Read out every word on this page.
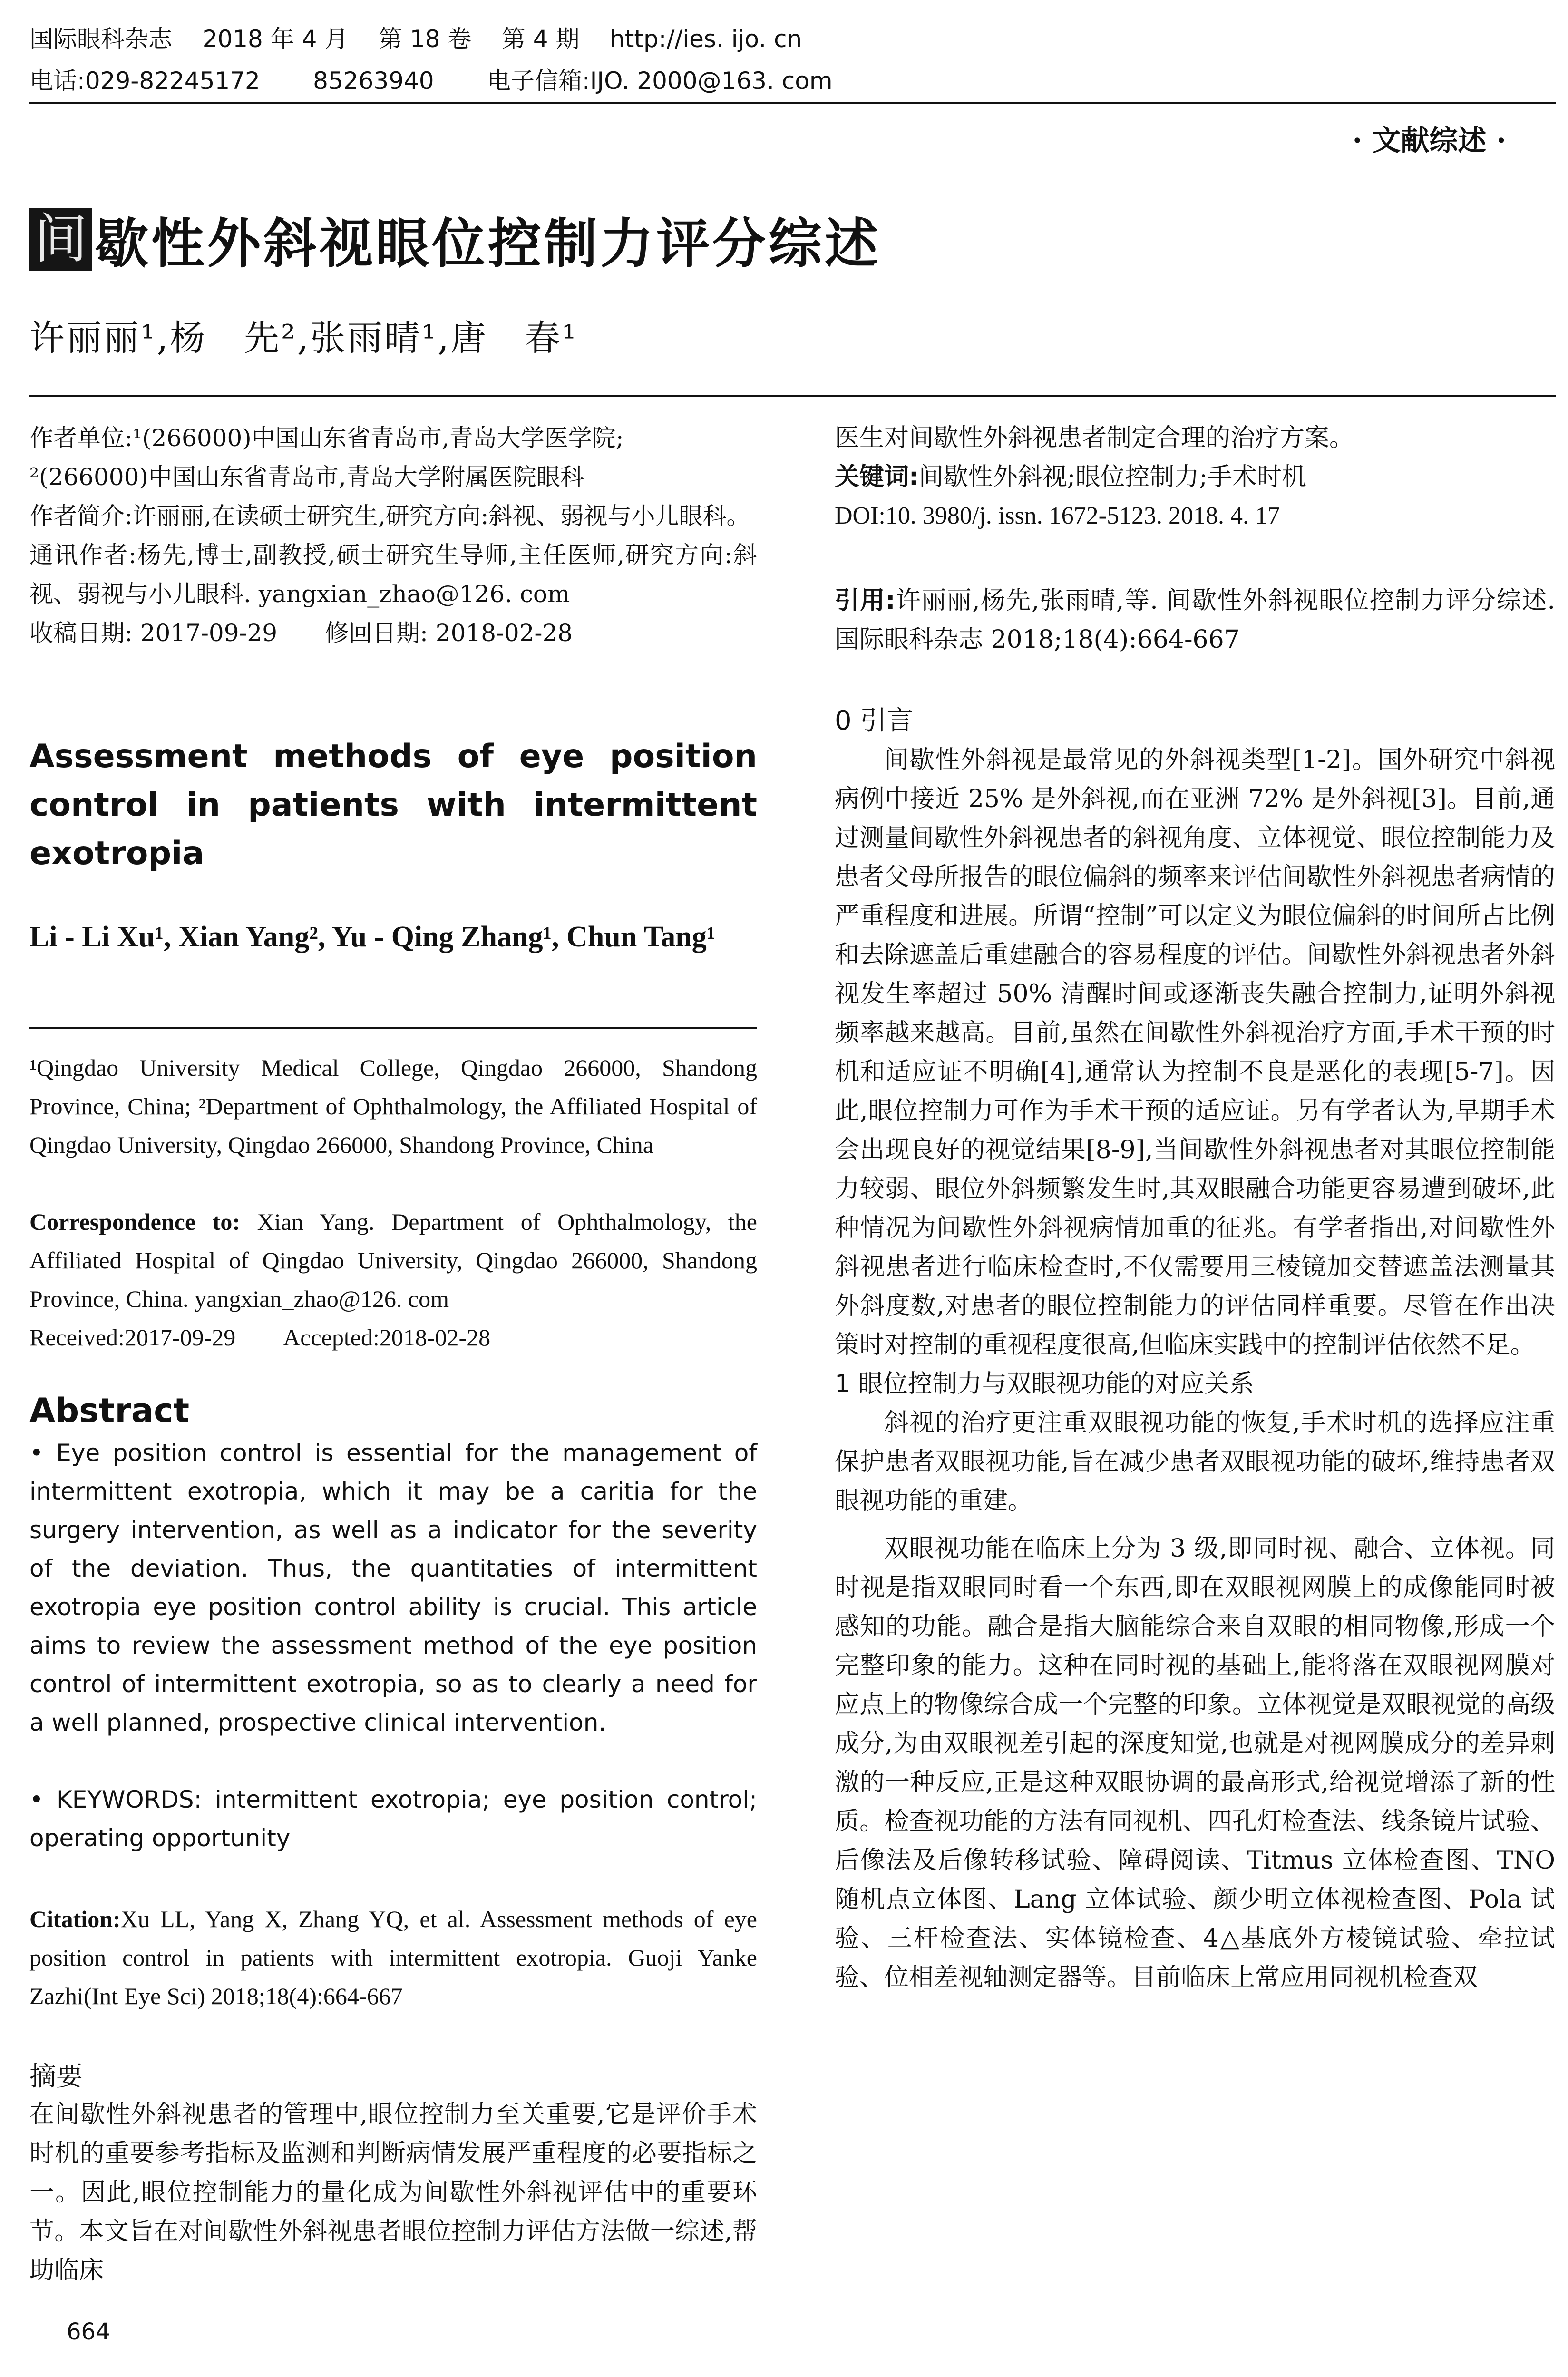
国际眼科杂志    2018 年 4 月    第 18 卷    第 4 期    http://ies. ijo. cn
电话:029-82245172       85263940       电子信箱:IJO. 2000@163. com
· 文献综述 ·
间 歇性外斜视眼位控制力评分综述
许丽丽¹,杨　先²,张雨晴¹,唐　春¹

作者单位:¹(266000)中国山东省青岛市,青岛大学医学院;

²(266000)中国山东省青岛市,青岛大学附属医院眼科

作者简介:许丽丽,在读硕士研究生,研究方向:斜视、弱视与小儿眼科。

通讯作者:杨先,博士,副教授,硕士研究生导师,主任医师,研究方向:斜视、弱视与小儿眼科. yangxian_zhao@126. com

收稿日期: 2017-09-29　　修回日期: 2018-02-28

Assessment methods of eye position control in patients with intermittent exotropia
Li - Li Xu¹, Xian Yang², Yu - Qing Zhang¹, Chun Tang¹
¹Qingdao University Medical College, Qingdao 266000, Shandong Province, China; ²Department of Ophthalmology, the Affiliated Hospital of Qingdao University, Qingdao 266000, Shandong Province, China
Correspondence to: Xian Yang. Department of Ophthalmology, the Affiliated Hospital of Qingdao University, Qingdao 266000, Shandong Province, China. yangxian_zhao@126. com
Received:2017-09-29　　Accepted:2018-02-28
Abstract
• Eye position control is essential for the management of intermittent exotropia, which it may be a caritia for the surgery intervention, as well as a indicator for the severity of the deviation. Thus, the quantitaties of intermittent exotropia eye position control ability is crucial. This article aims to review the assessment method of the eye position control of intermittent exotropia, so as to clearly a need for a well planned, prospective clinical intervention.
• KEYWORDS: intermittent exotropia; eye position control; operating opportunity
Citation:Xu LL, Yang X, Zhang YQ, et al. Assessment methods of eye position control in patients with intermittent exotropia. Guoji Yanke Zazhi(Int Eye Sci) 2018;18(4):664-667
摘要
在间歇性外斜视患者的管理中,眼位控制力至关重要,它是评价手术时机的重要参考指标及监测和判断病情发展严重程度的必要指标之一。因此,眼位控制能力的量化成为间歇性外斜视评估中的重要环节。本文旨在对间歇性外斜视患者眼位控制力评估方法做一综述,帮助临床

医生对间歇性外斜视患者制定合理的治疗方案。

关键词:间歇性外斜视;眼位控制力;手术时机

DOI:10. 3980/j. issn. 1672-5123. 2018. 4. 17

引用:许丽丽,杨先,张雨晴,等. 间歇性外斜视眼位控制力评分综述. 国际眼科杂志 2018;18(4):664-667

0 引言

间歇性外斜视是最常见的外斜视类型[1-2]。国外研究中斜视病例中接近 25% 是外斜视,而在亚洲 72% 是外斜视[3]。目前,通过测量间歇性外斜视患者的斜视角度、立体视觉、眼位控制能力及患者父母所报告的眼位偏斜的频率来评估间歇性外斜视患者病情的严重程度和进展。所谓“控制”可以定义为眼位偏斜的时间所占比例和去除遮盖后重建融合的容易程度的评估。间歇性外斜视患者外斜视发生率超过 50% 清醒时间或逐渐丧失融合控制力,证明外斜视频率越来越高。目前,虽然在间歇性外斜视治疗方面,手术干预的时机和适应证不明确[4],通常认为控制不良是恶化的表现[5-7]。因此,眼位控制力可作为手术干预的适应证。另有学者认为,早期手术会出现良好的视觉结果[8-9],当间歇性外斜视患者对其眼位控制能力较弱、眼位外斜频繁发生时,其双眼融合功能更容易遭到破坏,此种情况为间歇性外斜视病情加重的征兆。有学者指出,对间歇性外斜视患者进行临床检查时,不仅需要用三棱镜加交替遮盖法测量其外斜度数,对患者的眼位控制能力的评估同样重要。尽管在作出决策时对控制的重视程度很高,但临床实践中的控制评估依然不足。

1 眼位控制力与双眼视功能的对应关系

斜视的治疗更注重双眼视功能的恢复,手术时机的选择应注重保护患者双眼视功能,旨在减少患者双眼视功能的破坏,维持患者双眼视功能的重建。

双眼视功能在临床上分为 3 级,即同时视、融合、立体视。同时视是指双眼同时看一个东西,即在双眼视网膜上的成像能同时被感知的功能。融合是指大脑能综合来自双眼的相同物像,形成一个完整印象的能力。这种在同时视的基础上,能将落在双眼视网膜对应点上的物像综合成一个完整的印象。立体视觉是双眼视觉的高级成分,为由双眼视差引起的深度知觉,也就是对视网膜成分的差异刺激的一种反应,正是这种双眼协调的最高形式,给视觉增添了新的性质。检查视功能的方法有同视机、四孔灯检查法、线条镜片试验、后像法及后像转移试验、障碍阅读、Titmus 立体检查图、TNO 随机点立体图、Lang 立体试验、颜少明立体视检查图、Pola 试验、三杆检查法、实体镜检查、4△基底外方棱镜试验、牵拉试验、位相差视轴测定器等。目前临床上常应用同视机检查双

664
